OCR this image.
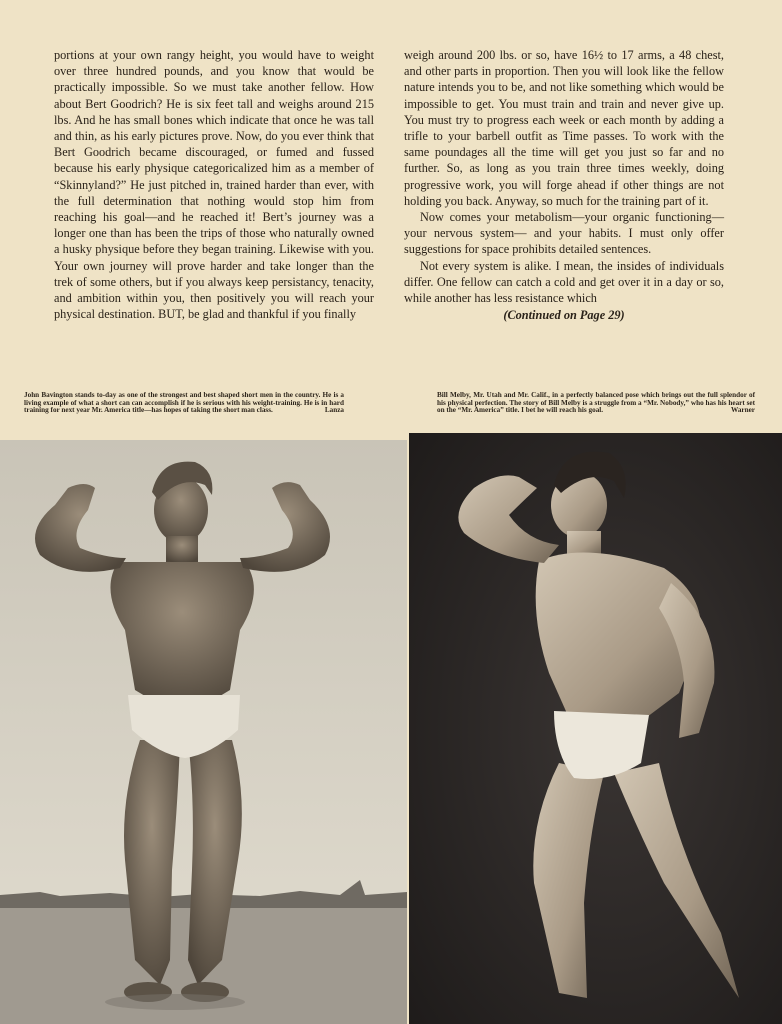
portions at your own rangy height, you would have to weight over three hundred pounds, and you know that would be practically impossible. So we must take another fellow. How about Bert Goodrich? He is six feet tall and weighs around 215 lbs. And he has small bones which indicate that once he was tall and thin, as his early pictures prove. Now, do you ever think that Bert Goodrich became discouraged, or fumed and fussed because his early physique categoricalized him as a member of “Skinnyland?” He just pitched in, trained harder than ever, with the full determination that nothing would stop him from reaching his goal—and he reached it! Bert’s journey was a longer one than has been the trips of those who naturally owned a husky physique before they began training. Likewise with you. Your own journey will prove harder and take longer than the trek of some others, but if you always keep persistancy, tenacity, and ambition within you, then positively you will reach your physical destination. BUT, be glad and thankful if you finally

weigh around 200 lbs. or so, have 16½ to 17 arms, a 48 chest, and other parts in proportion. Then you will look like the fellow nature intends you to be, and not like something which would be impossible to get. You must train and train and never give up. You must try to progress each week or each month by adding a trifle to your barbell outfit as Time passes. To work with the same poundages all the time will get you just so far and no further. So, as long as you train three times weekly, doing progressive work, you will forge ahead if other things are not holding you back. Anyway, so much for the training part of it.

Now comes your metabolism—your organic functioning—your nervous system— and your habits. I must only offer suggestions for space prohibits detailed sentences.

Not every system is alike. I mean, the insides of individuals differ. One fellow can catch a cold and get over it in a day or so, while another has less resistance which

(Continued on Page 29)
John Bavington stands to-day as one of the strongest and best shaped short men in the country. He is a living example of what a short can can accomplish if he is serious with his weight-training. He is in hard training for next year Mr. America title—has hopes of taking the short man class.	Lanza
Bill Melby, Mr. Utah and Mr. Calif., in a perfectly balanced pose which brings out the full splendor of his physical perfection. The story of Bill Melby is a struggle from a “Mr. Nobody,” who has his heart set on the “Mr. America” title. I bet he will reach his goal.	Warner
